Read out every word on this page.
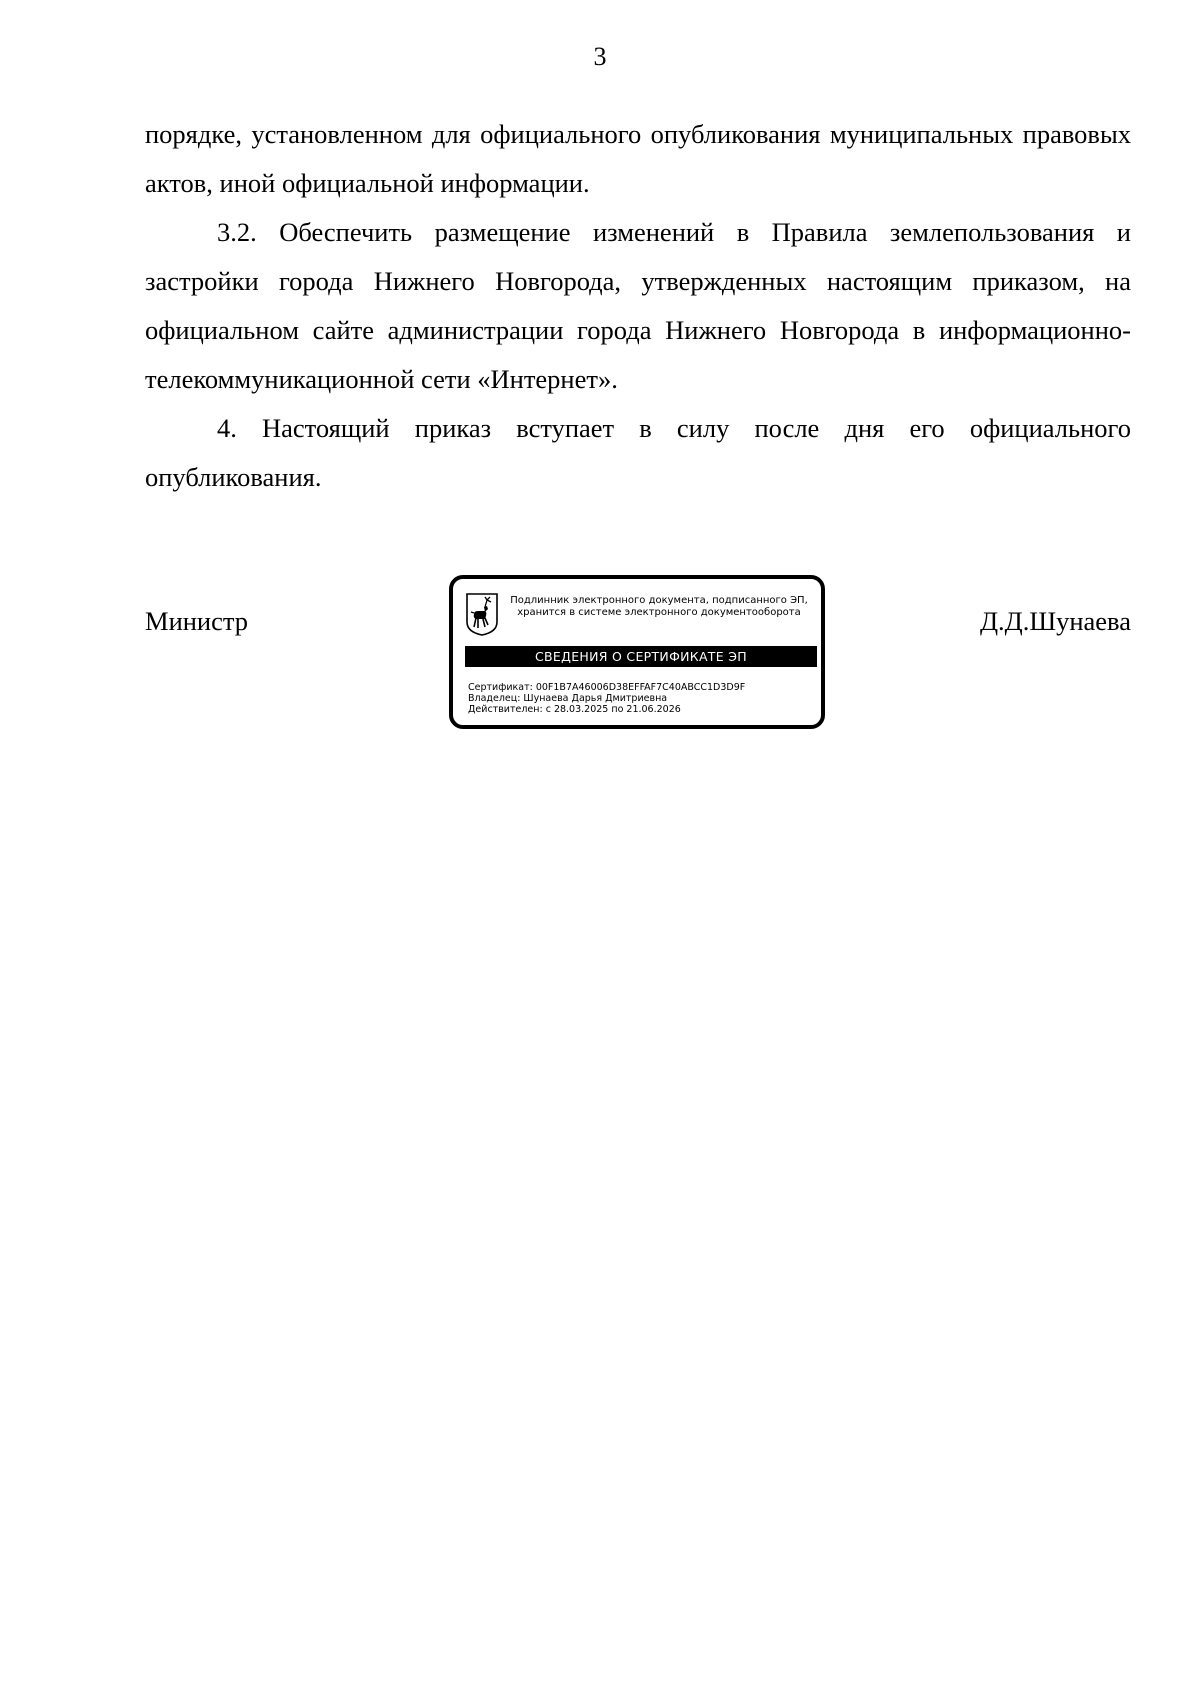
3

порядке, установленном для официального опубликования муниципальных правовых актов, иной официальной информации.

3.2. Обеспечить размещение изменений в Правила землепользования и застройки города Нижнего Новгорода, утвержденных настоящим приказом, на официальном сайте администрации города Нижнего Новгорода в информационно-телекоммуникационной сети «Интернет».

4. Настоящий приказ вступает в силу после дня его официального опубликования.

Министр
Подлинник электронного документа, подписанного ЭП,
хранится в системе электронного документооборота
СВЕДЕНИЯ О СЕРТИФИКАТЕ ЭП
Сертификат: 00F1B7A46006D38EFFAF7C40ABCC1D3D9F
Владелец: Шунаева Дарья Дмитриевна
Действителен: с 28.03.2025 по 21.06.2026
Д.Д.Шунаева
